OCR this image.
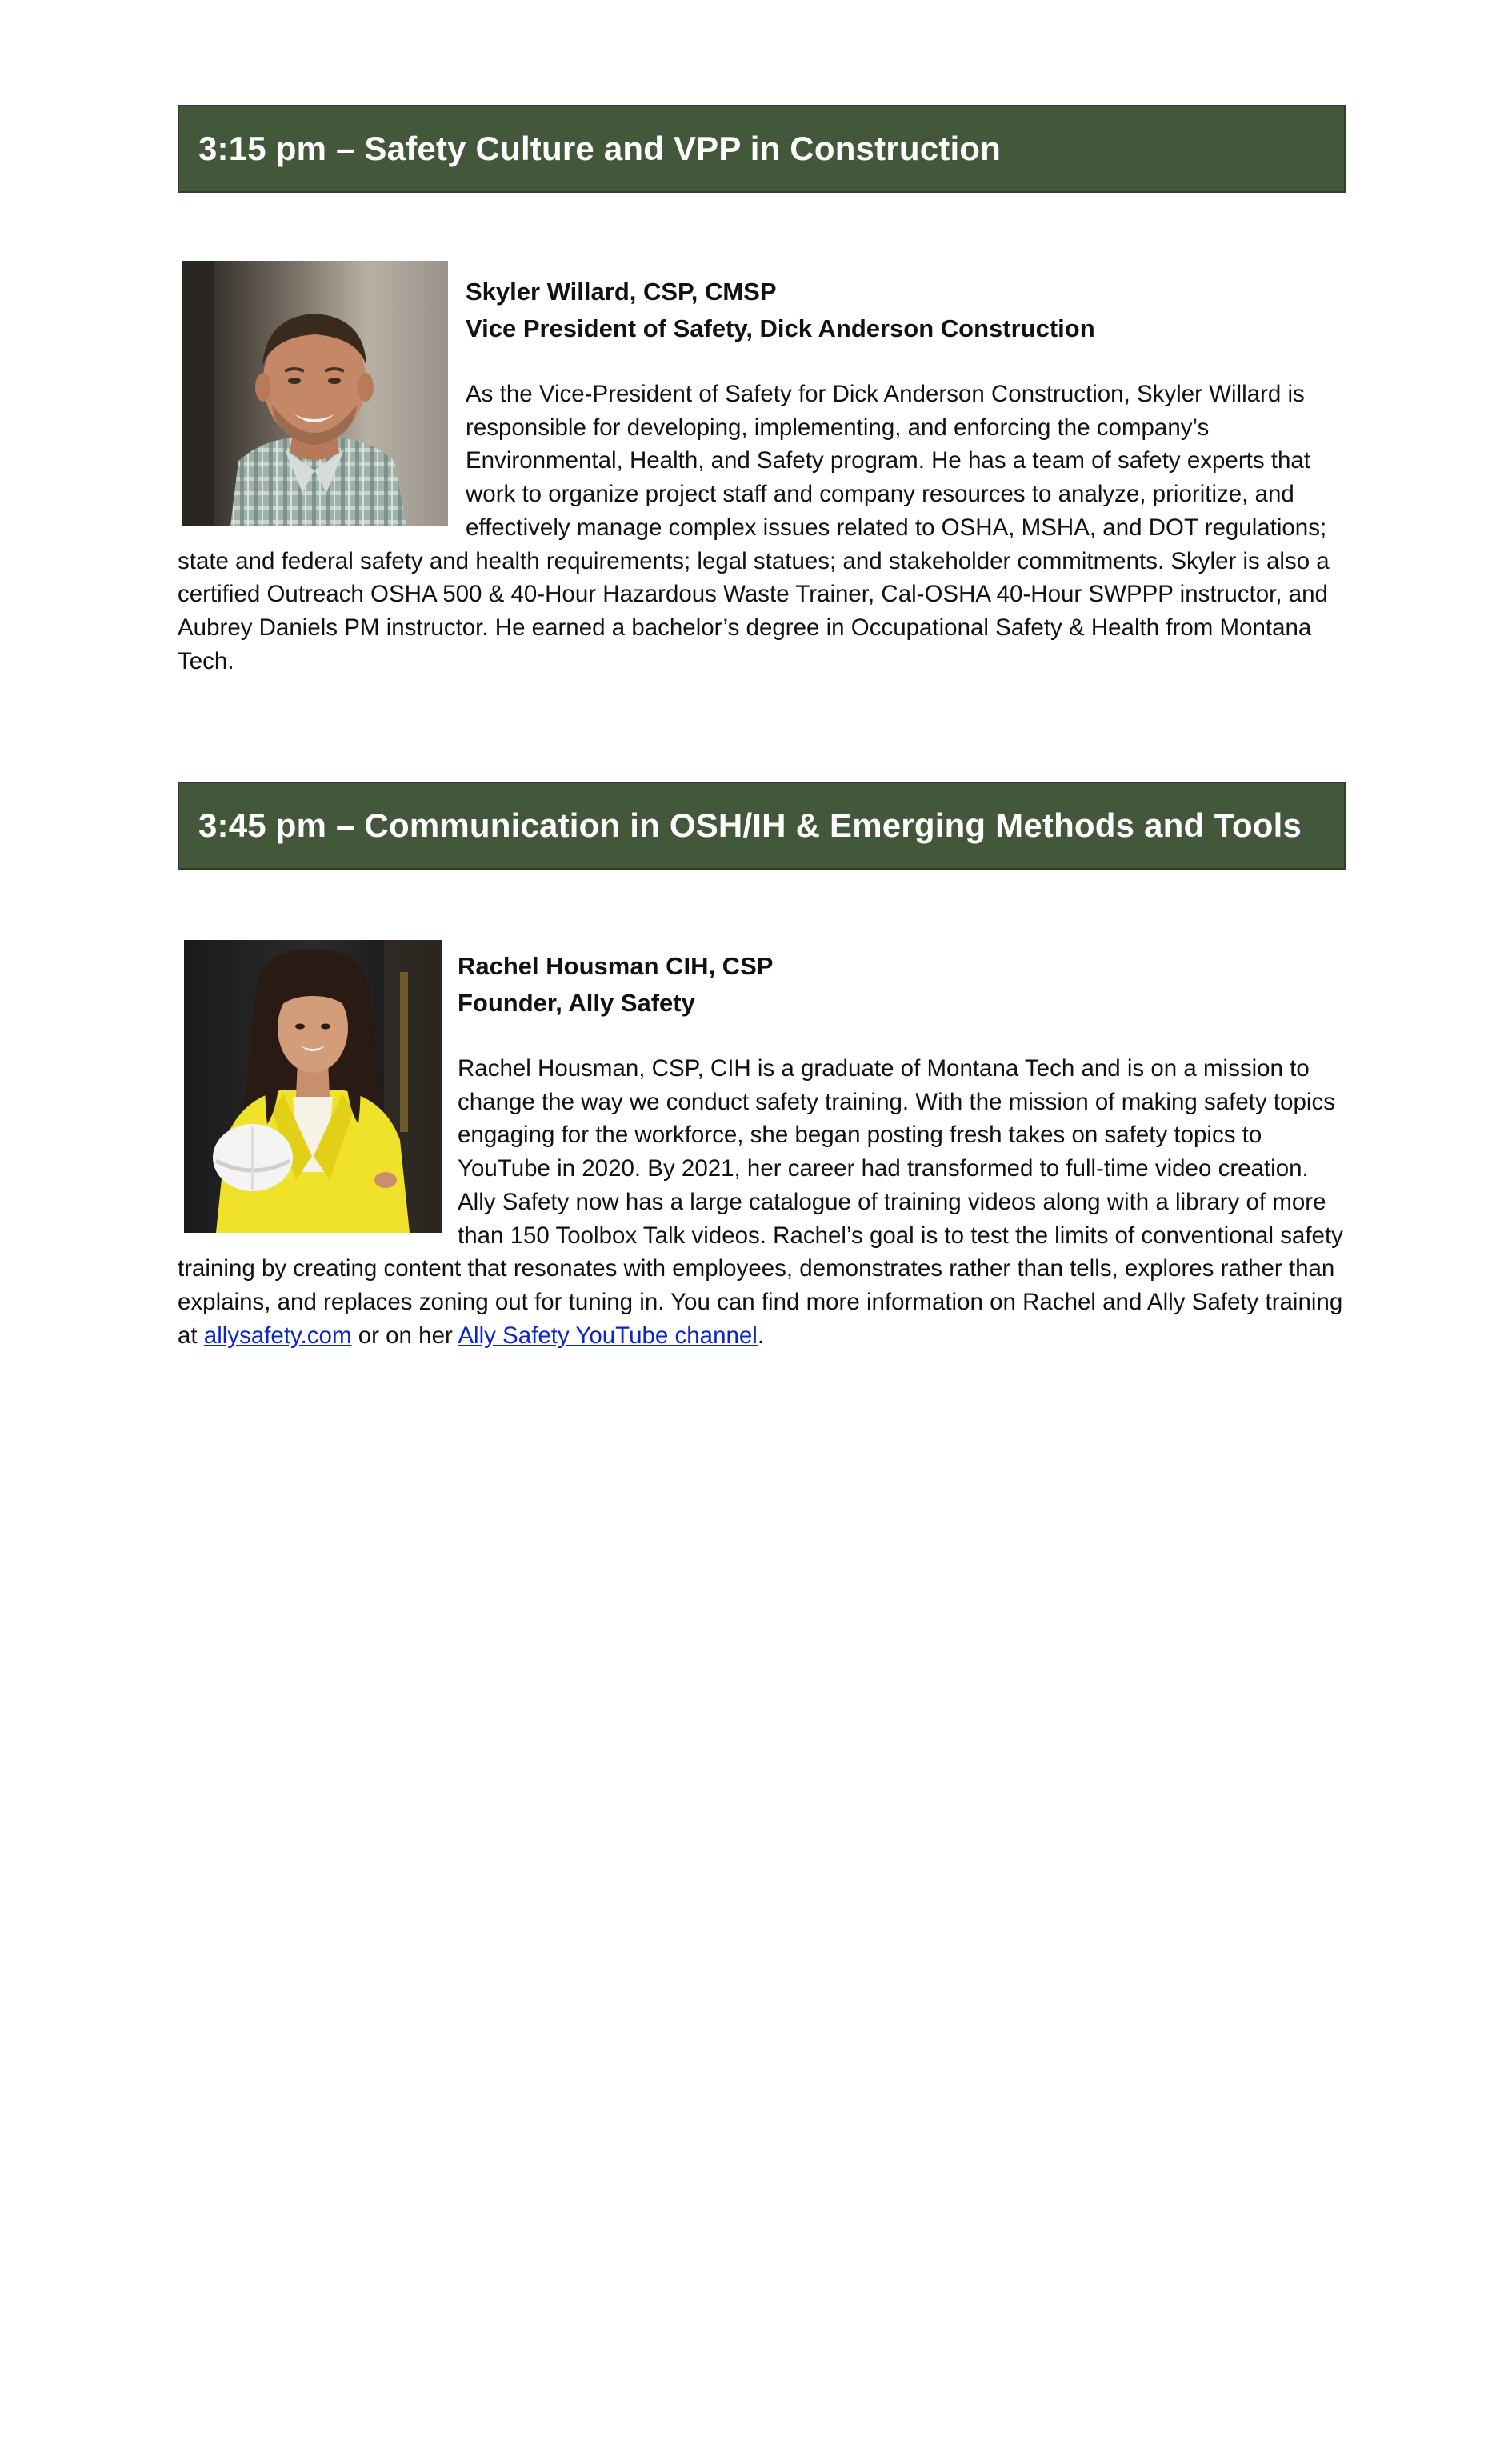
3:15 pm – Safety Culture and VPP in Construction

Skyler Willard, CSP, CMSP

Vice President of Safety, Dick Anderson Construction

As the Vice-President of Safety for Dick Anderson Construction, Skyler Willard is responsible for developing, implementing, and enforcing the company’s Environmental, Health, and Safety program. He has a team of safety experts that work to organize project staff and company resources to analyze, prioritize, and effectively manage complex issues related to OSHA, MSHA, and DOT regulations; state and federal safety and health requirements; legal statues; and stakeholder commitments. Skyler is also a certified Outreach OSHA 500 & 40-Hour Hazardous Waste Trainer, Cal-OSHA 40-Hour SWPPP instructor, and Aubrey Daniels PM instructor. He earned a bachelor’s degree in Occupational Safety & Health from Montana Tech.

3:45 pm – Communication in OSH/IH & Emerging Methods and Tools

Rachel Housman CIH, CSP

Founder, Ally Safety

Rachel Housman, CSP, CIH is a graduate of Montana Tech and is on a mission to change the way we conduct safety training. With the mission of making safety topics engaging for the workforce, she began posting fresh takes on safety topics to YouTube in 2020. By 2021, her career had transformed to full-time video creation. Ally Safety now has a large catalogue of training videos along with a library of more than 150 Toolbox Talk videos. Rachel’s goal is to test the limits of conventional safety training by creating content that resonates with employees, demonstrates rather than tells, explores rather than explains, and replaces zoning out for tuning in. You can find more information on Rachel and Ally Safety training at allysafety.com or on her Ally Safety YouTube channel.
